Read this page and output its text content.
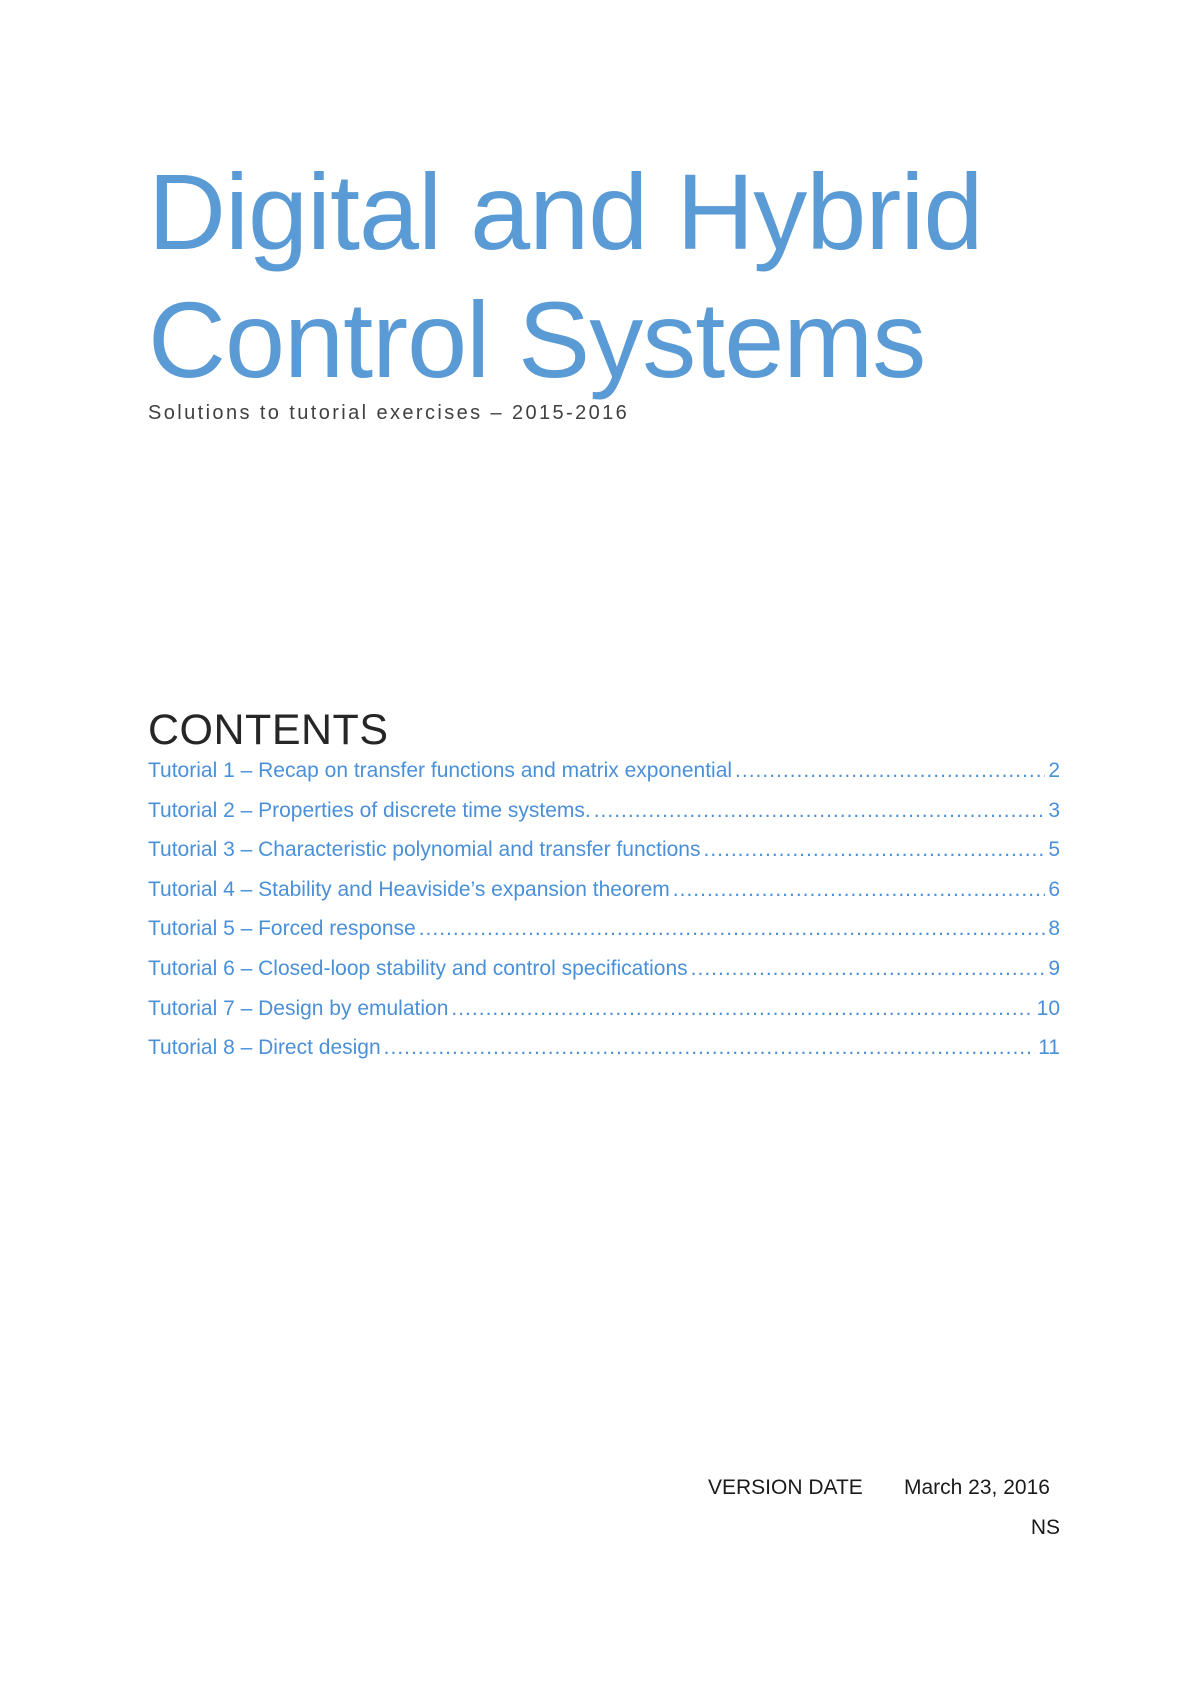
Digital and Hybrid
Control Systems
Solutions to tutorial exercises – 2015-2016
CONTENTS
Tutorial 1 – Recap on transfer functions and matrix exponential .....	2
Tutorial 2 – Properties of discrete time systems. .....	3
Tutorial 3 – Characteristic polynomial and transfer functions .....	5
Tutorial 4 – Stability and Heaviside’s expansion theorem .....	6
Tutorial 5 – Forced response .....	8
Tutorial 6 – Closed-loop stability and control specifications .....	9
Tutorial 7 – Design by emulation .....	10
Tutorial 8 – Direct design .....	11
VERSION DATE March 23, 2016
NS
